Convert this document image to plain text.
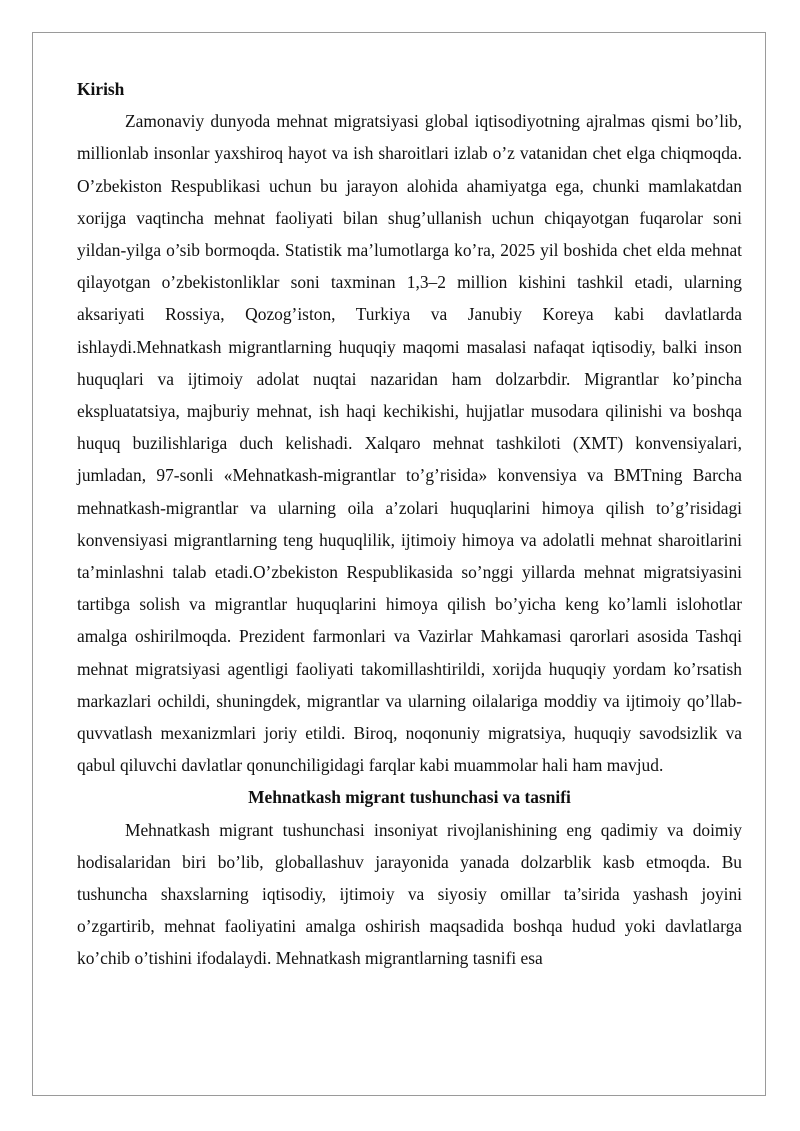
Kirish

Zamonaviy dunyoda mehnat migratsiyasi global iqtisodiyotning ajralmas qismi bo’lib, millionlab insonlar yaxshiroq hayot va ish sharoitlari izlab o’z vatanidan chet elga chiqmoqda. O’zbekiston Respublikasi uchun bu jarayon alohida ahamiyatga ega, chunki mamlakatdan xorijga vaqtincha mehnat faoliyati bilan shug’ullanish uchun chiqayotgan fuqarolar soni yildan-yilga o’sib bormoqda. Statistik ma’lumotlarga ko’ra, 2025 yil boshida chet elda mehnat qilayotgan o’zbekistonliklar soni taxminan 1,3–2 million kishini tashkil etadi, ularning aksariyati Rossiya, Qozog’iston, Turkiya va Janubiy Koreya kabi davlatlarda ishlaydi.Mehnatkash migrantlarning huquqiy maqomi masalasi nafaqat iqtisodiy, balki inson huquqlari va ijtimoiy adolat nuqtai nazaridan ham dolzarbdir. Migrantlar ko’pincha ekspluatatsiya, majburiy mehnat, ish haqi kechikishi, hujjatlar musodara qilinishi va boshqa huquq buzilishlariga duch kelishadi. Xalqaro mehnat tashkiloti (XMT) konvensiyalari, jumladan, 97-sonli «Mehnatkash-migrantlar to’g’risida» konvensiya va BMTning Barcha mehnatkash-migrantlar va ularning oila a’zolari huquqlarini himoya qilish to’g’risidagi konvensiyasi migrantlarning teng huquqlilik, ijtimoiy himoya va adolatli mehnat sharoitlarini ta’minlashni talab etadi.O’zbekiston Respublikasida so’nggi yillarda mehnat migratsiyasini tartibga solish va migrantlar huquqlarini himoya qilish bo’yicha keng ko’lamli islohotlar amalga oshirilmoqda. Prezident farmonlari va Vazirlar Mahkamasi qarorlari asosida Tashqi mehnat migratsiyasi agentligi faoliyati takomillashtirildi, xorijda huquqiy yordam ko’rsatish markazlari ochildi, shuningdek, migrantlar va ularning oilalariga moddiy va ijtimoiy qo’llab-quvvatlash mexanizmlari joriy etildi. Biroq, noqonuniy migratsiya, huquqiy savodsizlik va qabul qiluvchi davlatlar qonunchiligidagi farqlar kabi muammolar hali ham mavjud.

Mehnatkash migrant tushunchasi va tasnifi

Mehnatkash migrant tushunchasi insoniyat rivojlanishining eng qadimiy va doimiy hodisalaridan biri bo’lib, globallashuv jarayonida yanada dolzarblik kasb etmoqda. Bu tushuncha shaxslarning iqtisodiy, ijtimoiy va siyosiy omillar ta’sirida yashash joyini o’zgartirib, mehnat faoliyatini amalga oshirish maqsadida boshqa hudud yoki davlatlarga ko’chib o’tishini ifodalaydi. Mehnatkash migrantlarning tasnifi esa
